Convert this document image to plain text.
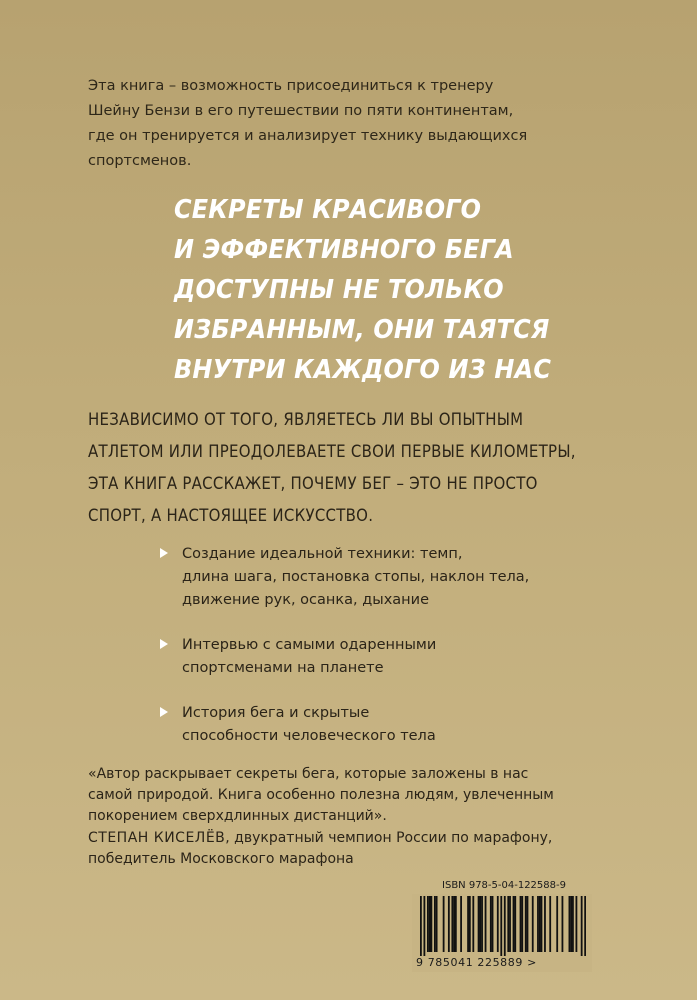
Эта книга – возможность присоединиться к тренеру
Шейну Бензи в его путешествии по пяти континентам,
где он тренируется и анализирует технику выдающихся
спортсменов.
СЕКРЕТЫ КРАСИВОГО
И ЭФФЕКТИВНОГО БЕГА
ДОСТУПНЫ НЕ ТОЛЬКО
ИЗБРАННЫМ, ОНИ ТАЯТСЯ
ВНУТРИ КАЖДОГО ИЗ НАС
НЕЗАВИСИМО ОТ ТОГО, ЯВЛЯЕТЕСЬ ЛИ ВЫ ОПЫТНЫМ
АТЛЕТОМ ИЛИ ПРЕОДОЛЕВАЕТЕ СВОИ ПЕРВЫЕ КИЛОМЕТРЫ,
ЭТА КНИГА РАССКАЖЕТ, ПОЧЕМУ БЕГ – ЭТО НЕ ПРОСТО
СПОРТ, А НАСТОЯЩЕЕ ИСКУССТВО.
Создание идеальной техники: темп,
длина шага, постановка стопы, наклон тела,
движение рук, осанка, дыхание
Интервью с самыми одаренными
спортсменами на планете
История бега и скрытые
способности человеческого тела
«Автор раскрывает секреты бега, которые заложены в нас
самой природой. Книга особенно полезна людям, увлеченным
покорением сверхдлинных дистанций».
СТЕПАН КИСЕЛЁВ, двукратный чемпион России по марафону,
победитель Московского марафона
ISBN 978-5-04-122588-9
9 785041 225889 >
